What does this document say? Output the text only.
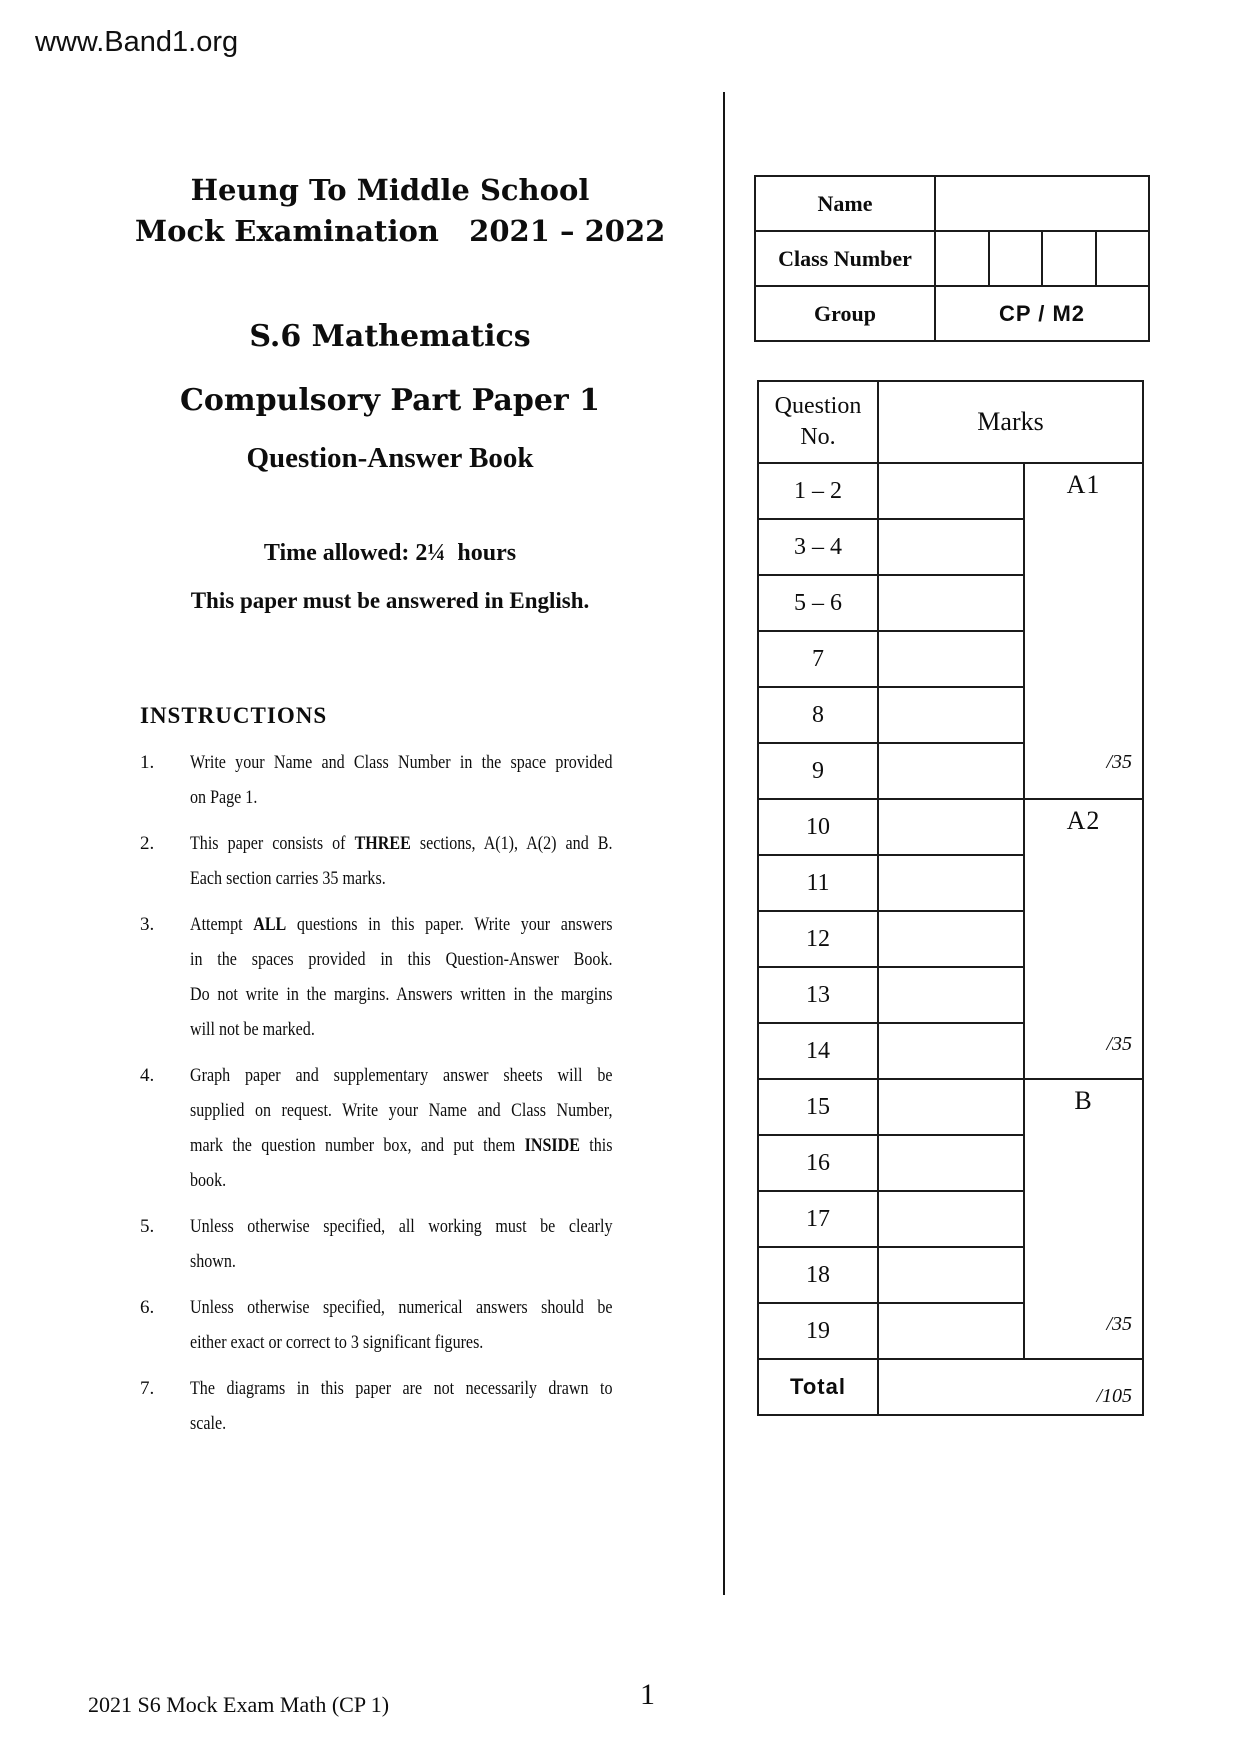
www.Band1.org
Heung To Middle School
Mock Examination   2021 – 2022
S.6 Mathematics
Compulsory Part Paper 1
Question-Answer Book
Time allowed: 2¼  hours
This paper must be answered in English.
INSTRUCTIONS
1. Write your Name and Class Number in the space provided
on Page 1.
2. This paper consists of THREE sections, A(1), A(2) and B.
Each section carries 35 marks.
3. Attempt ALL questions in this paper. Write your answers
in the spaces provided in this Question-Answer Book.
Do not write in the margins. Answers written in the margins
will not be marked.
4. Graph paper and supplementary answer sheets will be
supplied on request. Write your Name and Class Number,
mark the question number box, and put them INSIDE this
book.
5. Unless otherwise specified, all working must be clearly
shown.
6. Unless otherwise specified, numerical answers should be
either exact or correct to 3 significant figures.
7. The diagrams in this paper are not necessarily drawn to
scale.
Name	
Class Number	

Group	CP / M2
Question
No.	Marks	
1 – 2		A1
/35

3 – 4		
5 – 6		
7		
8		
9		
10		A2
/35

11		
12		
13		
14		
15		B
/35

16		
17		
18		
19		
Total	/105	
2021 S6 Mock Exam Math (CP 1)	1
